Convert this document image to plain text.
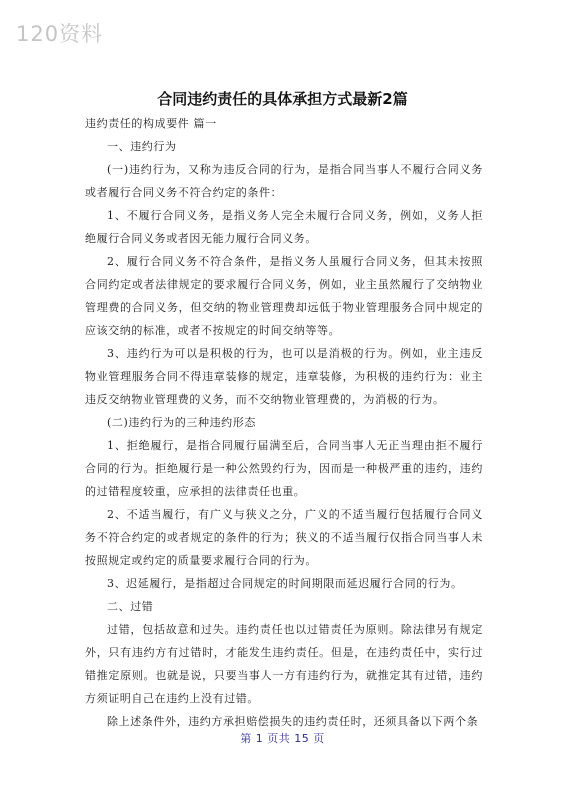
120资料
合同违约责任的具体承担方式最新2篇

违约责任的构成要件 篇一

一、违约行为

(一)违约行为，又称为违反合同的行为，是指合同当事人不履行合同义务或者履行合同义务不符合约定的条件：

1、不履行合同义务，是指义务人完全未履行合同义务，例如，义务人拒绝履行合同义务或者因无能力履行合同义务。

2、履行合同义务不符合条件，是指义务人虽履行合同义务，但其未按照合同约定或者法律规定的要求履行合同义务，例如，业主虽然履行了交纳物业管理费的合同义务，但交纳的物业管理费却远低于物业管理服务合同中规定的应该交纳的标准，或者不按规定的时间交纳等等。

3、违约行为可以是积极的行为，也可以是消极的行为。例如，业主违反物业管理服务合同不得违章装修的规定，违章装修，为积极的违约行为：业主违反交纳物业管理费的义务，而不交纳物业管理费的，为消极的行为。

(二)违约行为的三种违约形态

1、拒绝履行，是指合同履行届满至后，合同当事人无正当理由拒不履行合同的行为。拒绝履行是一种公然毁约行为，因而是一种极严重的违约，违约的过错程度较重，应承担的法律责任也重。

2、不适当履行，有广义与狭义之分，广义的不适当履行包括履行合同义务不符合约定的或者规定的条件的行为；狭义的不适当履行仅指合同当事人未按照规定或约定的质量要求履行合同的行为。

3、迟延履行，是指超过合同规定的时间期限而延迟履行合同的行为。

二、过错

过错，包括故意和过失。违约责任也以过错责任为原则。除法律另有规定外，只有违约方有过错时，才能发生违约责任。但是，在违约责任中，实行过错推定原则。也就是说，只要当事人一方有违约行为，就推定其有过错，违约方须证明自己在违约上没有过错。

除上述条件外，违约方承担赔偿损失的违约责任时，还须具备以下两个条

第 1 页共 15 页
